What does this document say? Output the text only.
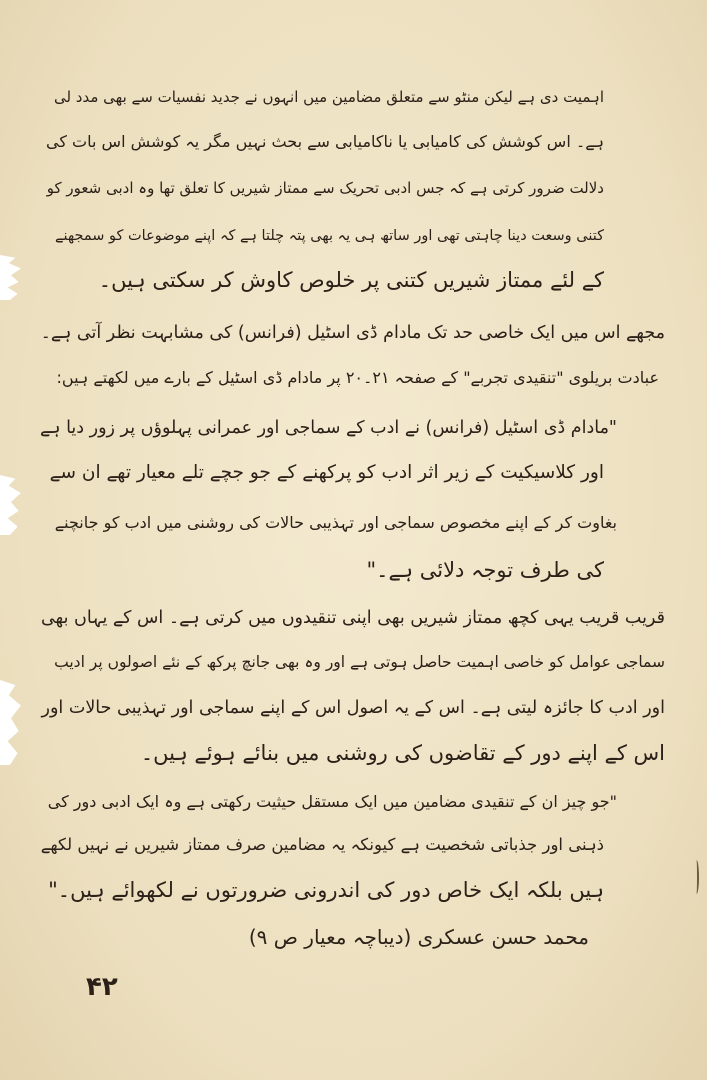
اہمیت دی ہے لیکن منٹو سے متعلق مضامین میں انہوں نے جدید نفسیات سے بھی مدد لی

ہے۔ اس کوشش کی کامیابی یا ناکامیابی سے بحث نہیں مگر یہ کوشش اس بات کی

دلالت ضرور کرتی ہے کہ جس ادبی تحریک سے ممتاز شیریں کا تعلق تھا وہ ادبی شعور کو

کتنی وسعت دینا چاہتی تھی اور ساتھ ہی یہ بھی پتہ چلتا ہے کہ اپنے موضوعات کو سمجھنے

کے لئے ممتاز شیریں کتنی پر خلوص کاوش کر سکتی ہیں۔

مجھے اس میں ایک خاصی حد تک مادام ڈی اسٹیل (فرانس) کی مشابہت نظر آتی ہے۔

عبادت بریلوی "تنقیدی تجربے" کے صفحہ ۲۱۔۲۰ پر مادام ڈی اسٹیل کے بارے میں لکھتے ہیں:

"مادام ڈی اسٹیل (فرانس) نے ادب کے سماجی اور عمرانی پہلوؤں پر زور دیا ہے

اور کلاسیکیت کے زیر اثر ادب کو پرکھنے کے جو جچے تلے معیار تھے ان سے

بغاوت کر کے اپنے مخصوص سماجی اور تہذیبی حالات کی روشنی میں ادب کو جانچنے

کی طرف توجہ دلائی ہے۔"

قریب قریب یہی کچھ ممتاز شیریں بھی اپنی تنقیدوں میں کرتی ہے۔ اس کے یہاں بھی

سماجی عوامل کو خاصی اہمیت حاصل ہوتی ہے اور وہ بھی جانچ پرکھ کے نئے اصولوں پر ادیب

اور ادب کا جائزہ لیتی ہے۔ اس کے یہ اصول اس کے اپنے سماجی اور تہذیبی حالات اور

اس کے اپنے دور کے تقاضوں کی روشنی میں بنائے ہوئے ہیں۔

"جو چیز ان کے تنقیدی مضامین میں ایک مستقل حیثیت رکھتی ہے وہ ایک ادبی دور کی

ذہنی اور جذباتی شخصیت ہے کیونکہ یہ مضامین صرف ممتاز شیریں نے نہیں لکھے

ہیں بلکہ ایک خاص دور کی اندرونی ضرورتوں نے لکھوائے ہیں۔"

محمد حسن عسکری (دیباچہ معیار ص ۹)
۴۲
